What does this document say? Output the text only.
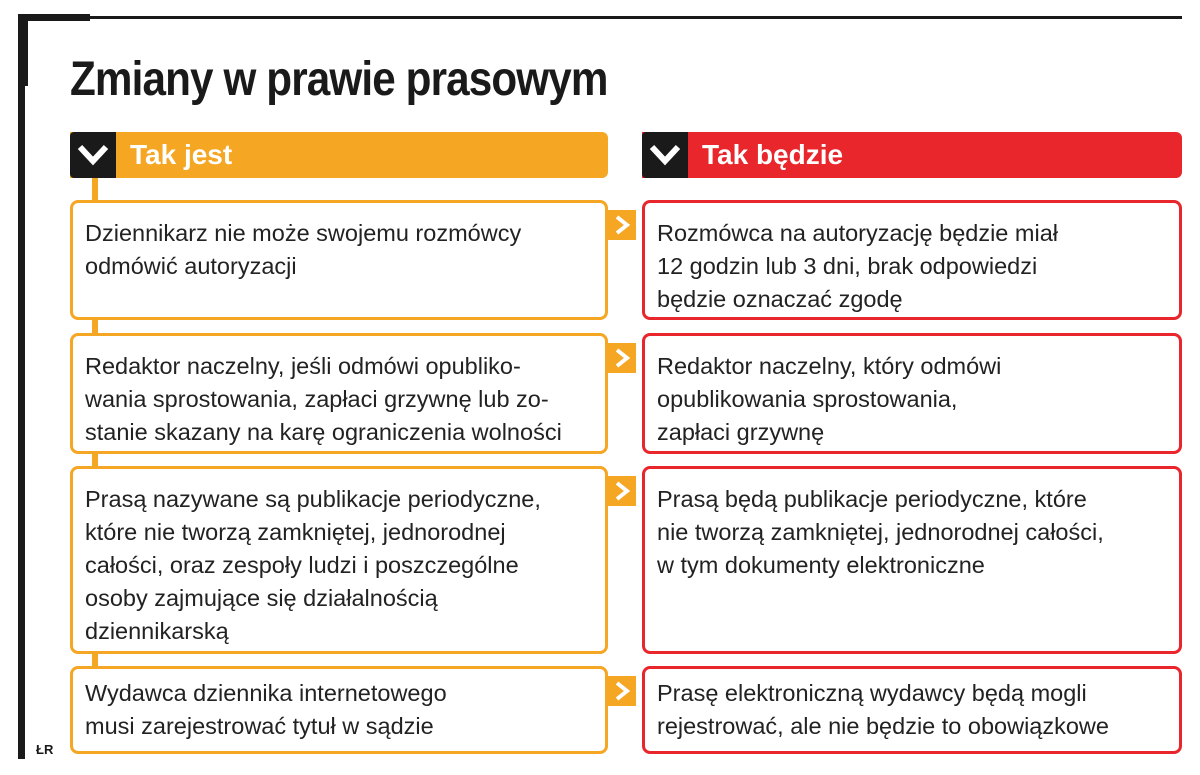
Zmiany w prawie prasowym
Tak jest	Tak będzie
Dziennikarz nie może swojemu rozmówcy
odmówić autoryzacji
Rozmówca na autoryzację będzie miał
12 godzin lub 3 dni, brak odpowiedzi
będzie oznaczać zgodę
Redaktor naczelny, jeśli odmówi opubliko-
wania sprostowania, zapłaci grzywnę lub zo-
stanie skazany na karę ograniczenia wolności
Redaktor naczelny, który odmówi
opublikowania sprostowania,
zapłaci grzywnę
Prasą nazywane są publikacje periodyczne,
które nie tworzą zamkniętej, jednorodnej
całości, oraz zespoły ludzi i poszczególne
osoby zajmujące się działalnością
dziennikarską
Prasą będą publikacje periodyczne, które
nie tworzą zamkniętej, jednorodnej całości,
w tym dokumenty elektroniczne
Wydawca dziennika internetowego
musi zarejestrować tytuł w sądzie
Prasę elektroniczną wydawcy będą mogli
rejestrować, ale nie będzie to obowiązkowe
ŁR
